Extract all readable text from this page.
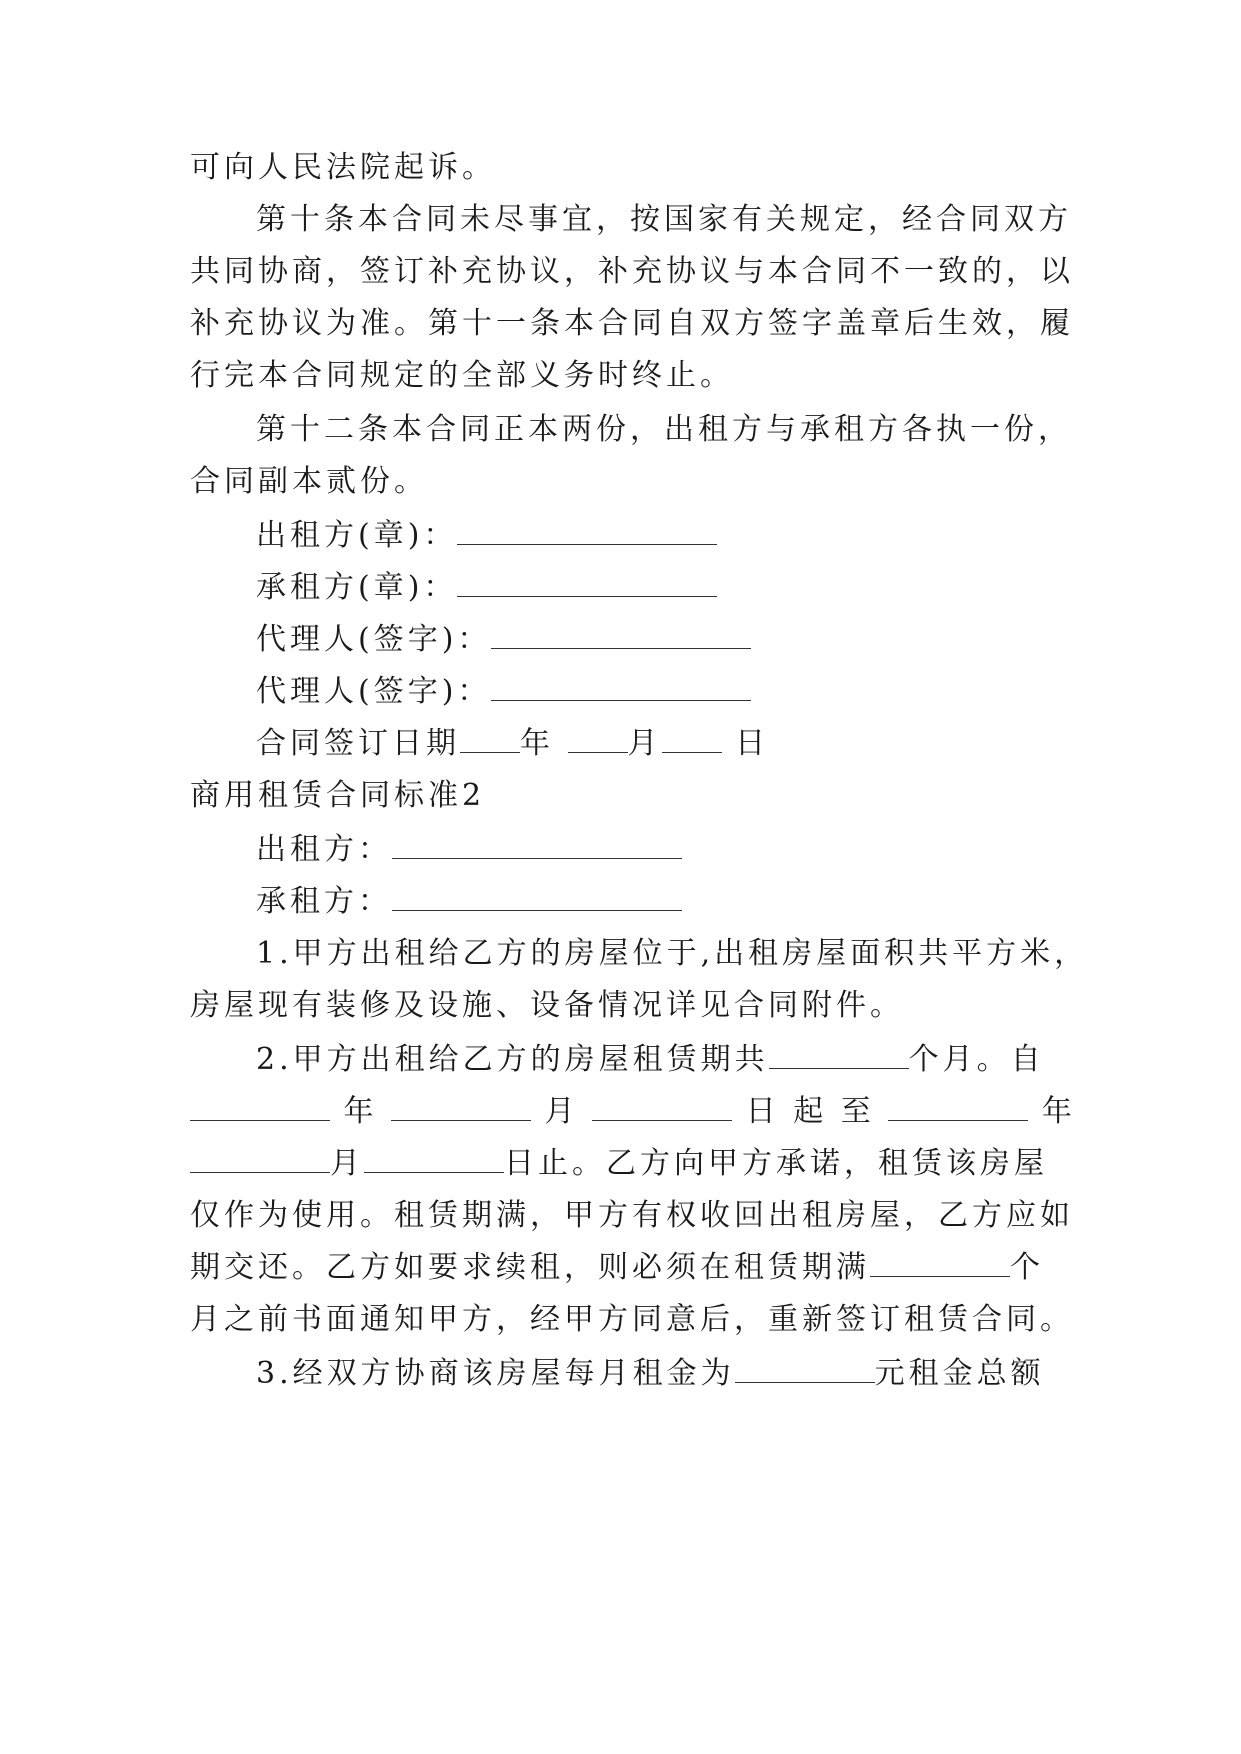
可向人民法院起诉。
第十条本合同未尽事宜，按国家有关规定，经合同双方
共同协商，签订补充协议，补充协议与本合同不一致的，以
补充协议为准。第十一条本合同自双方签字盖章后生效，履
行完本合同规定的全部义务时终止。
第十二条本合同正本两份，出租方与承租方各执一份，
合同副本贰份。
出租方(章)：
承租方(章)：
代理人(签字)：
代理人(签字)：
合同签订日期 年 月 日
商用租赁合同标准2
出租方：
承租方：
1.甲方出租给乙方的房屋位于,出租房屋面积共平方米，
房屋现有装修及设施、设备情况详见合同附件。
2.甲方出租给乙方的房屋租赁期共	个月。自
年	月	日 起 至	年
月	日止。乙方向甲方承诺，租赁该房屋
仅作为使用。租赁期满，甲方有权收回出租房屋，乙方应如
期交还。乙方如要求续租，则必须在租赁期满	个
月之前书面通知甲方，经甲方同意后，重新签订租赁合同。
3.经双方协商该房屋每月租金为	元租金总额
